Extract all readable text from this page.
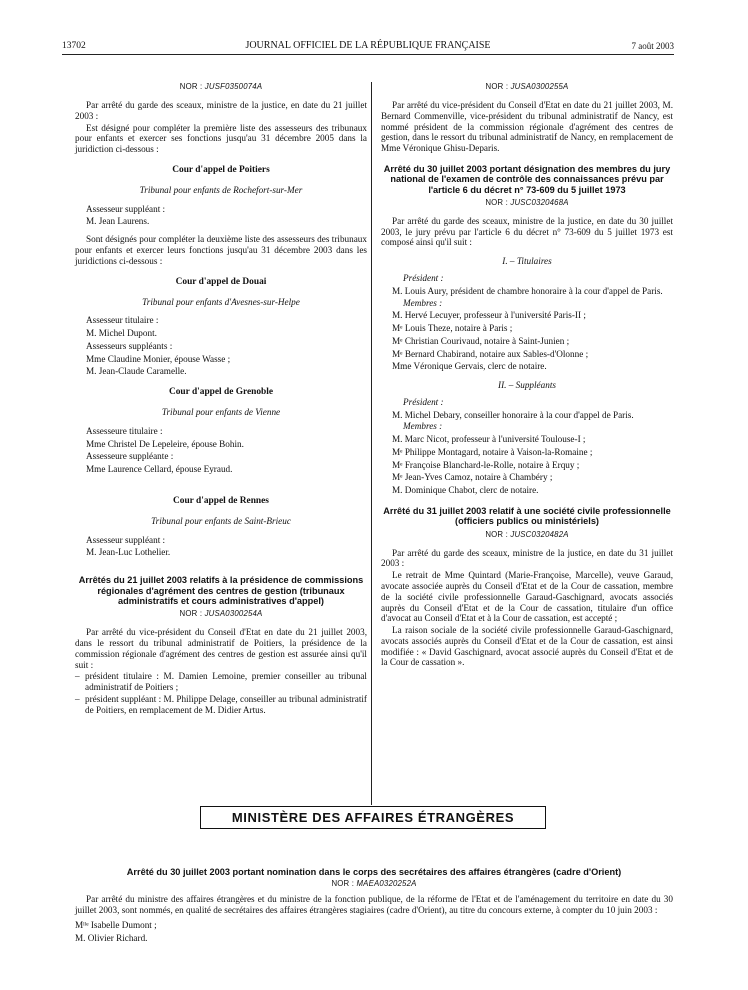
13702	JOURNAL OFFICIEL DE LA RÉPUBLIQUE FRANÇAISE	7 août 2003

NOR : JUSF0350074A

Par arrêté du garde des sceaux, ministre de la justice, en date du 21 juillet 2003 :

Est désigné pour compléter la première liste des assesseurs des tribunaux pour enfants et exercer ses fonctions jusqu'au 31 décembre 2005 dans la juridiction ci-dessous :

Cour d'appel de Poitiers

Tribunal pour enfants de Rochefort-sur-Mer

Assesseur suppléant :

M. Jean Laurens.

Sont désignés pour compléter la deuxième liste des assesseurs des tribunaux pour enfants et exercer leurs fonctions jusqu'au 31 décembre 2003 dans les juridictions ci-dessous :

Cour d'appel de Douai

Tribunal pour enfants d'Avesnes-sur-Helpe

Assesseur titulaire :

M. Michel Dupont.

Assesseurs suppléants :

Mme Claudine Monier, épouse Wasse ;

M. Jean-Claude Caramelle.

Cour d'appel de Grenoble

Tribunal pour enfants de Vienne

Assesseure titulaire :

Mme Christel De Lepeleire, épouse Bohin.

Assesseure suppléante :

Mme Laurence Cellard, épouse Eyraud.

Cour d'appel de Rennes

Tribunal pour enfants de Saint-Brieuc

Assesseur suppléant :

M. Jean-Luc Lothelier.

Arrêtés du 21 juillet 2003 relatifs à la présidence de commissions régionales d'agrément des centres de gestion (tribunaux administratifs et cours administratives d'appel)

NOR : JUSA0300254A

Par arrêté du vice-président du Conseil d'Etat en date du 21 juillet 2003, dans le ressort du tribunal administratif de Poitiers, la présidence de la commission régionale d'agrément des centres de gestion est assurée ainsi qu'il suit :

– président titulaire : M. Damien Lemoine, premier conseiller au tribunal administratif de Poitiers ;

– président suppléant : M. Philippe Delage, conseiller au tribunal administratif de Poitiers, en remplacement de M. Didier Artus.

NOR : JUSA0300255A

Par arrêté du vice-président du Conseil d'Etat en date du 21 juillet 2003, M. Bernard Commenville, vice-président du tribunal administratif de Nancy, est nommé président de la commission régionale d'agrément des centres de gestion, dans le ressort du tribunal administratif de Nancy, en remplacement de Mme Véronique Ghisu-Deparis.

Arrêté du 30 juillet 2003 portant désignation des membres du jury national de l'examen de contrôle des connaissances prévu par l'article 6 du décret n° 73-609 du 5 juillet 1973

NOR : JUSC0320468A

Par arrêté du garde des sceaux, ministre de la justice, en date du 30 juillet 2003, le jury prévu par l'article 6 du décret n° 73-609 du 5 juillet 1973 est composé ainsi qu'il suit :

I. – Titulaires

Président :

M. Louis Aury, président de chambre honoraire à la cour d'appel de Paris.

Membres :

M. Hervé Lecuyer, professeur à l'université Paris-II ;

Mᵉ Louis Theze, notaire à Paris ;

Mᵉ Christian Courivaud, notaire à Saint-Junien ;

Mᵉ Bernard Chabirand, notaire aux Sables-d'Olonne ;

Mme Véronique Gervais, clerc de notaire.

II. – Suppléants

Président :

M. Michel Debary, conseiller honoraire à la cour d'appel de Paris.

Membres :

M. Marc Nicot, professeur à l'université Toulouse-I ;

Mᵉ Philippe Montagard, notaire à Vaison-la-Romaine ;

Mᵉ Françoise Blanchard-le-Rolle, notaire à Erquy ;

Mᵉ Jean-Yves Camoz, notaire à Chambéry ;

M. Dominique Chabot, clerc de notaire.

Arrêté du 31 juillet 2003 relatif à une société civile professionnelle (officiers publics ou ministériels)

NOR : JUSC0320482A

Par arrêté du garde des sceaux, ministre de la justice, en date du 31 juillet 2003 :

Le retrait de Mme Quintard (Marie-Françoise, Marcelle), veuve Garaud, avocate associée auprès du Conseil d'Etat et de la Cour de cassation, membre de la société civile professionnelle Garaud-Gaschignard, avocats associés auprès du Conseil d'Etat et de la Cour de cassation, titulaire d'un office d'avocat au Conseil d'Etat et à la Cour de cassation, est accepté ;

La raison sociale de la société civile professionnelle Garaud-Gaschignard, avocats associés auprès du Conseil d'Etat et de la Cour de cassation, est ainsi modifiée : « David Gaschignard, avocat associé auprès du Conseil d'Etat et de la Cour de cassation ».

MINISTÈRE DES AFFAIRES ÉTRANGÈRES

Arrêté du 30 juillet 2003 portant nomination dans le corps des secrétaires des affaires étrangères (cadre d'Orient)

NOR : MAEA0320252A

Par arrêté du ministre des affaires étrangères et du ministre de la fonction publique, de la réforme de l'Etat et de l'aménagement du territoire en date du 30 juillet 2003, sont nommés, en qualité de secrétaires des affaires étrangères stagiaires (cadre d'Orient), au titre du concours externe, à compter du 10 juin 2003 :

Mˡˡᵉ Isabelle Dumont ;

M. Olivier Richard.
